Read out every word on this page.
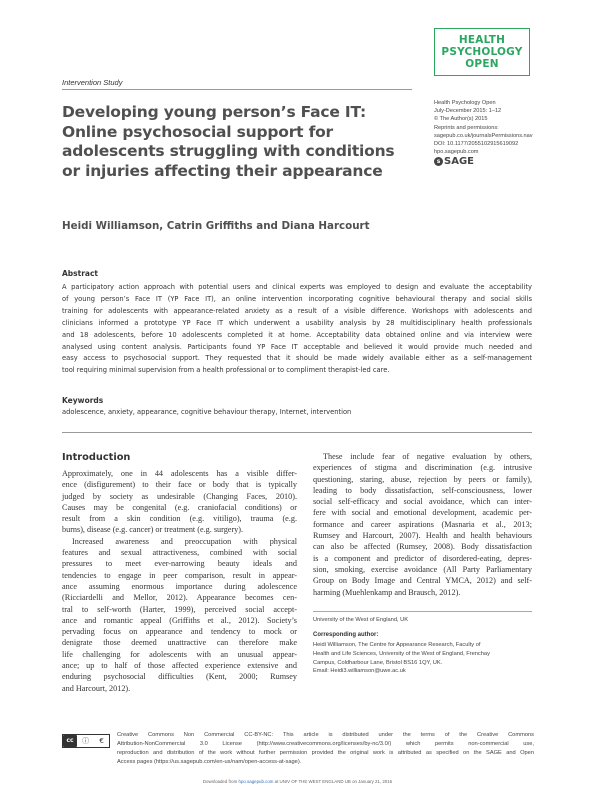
HEALTH
PSYCHOLOGY
OPEN
Intervention Study
Developing young person’s Face IT:
Online psychosocial support for
adolescents struggling with conditions
or injuries affecting their appearance
Health Psychology Open
July-December 2015: 1–12
© The Author(s) 2015
Reprints and permissions:
sagepub.co.uk/journalsPermissions.nav
DOI: 10.1177/2055102915619092
hpo.sagepub.com
s SAGE
Heidi Williamson, Catrin Griffiths and Diana Harcourt
Abstract
A participatory action approach with potential users and clinical experts was employed to design and evaluate the acceptability
of young person’s Face IT (YP Face IT), an online intervention incorporating cognitive behavioural therapy and social skills
training for adolescents with appearance-related anxiety as a result of a visible difference. Workshops with adolescents and
clinicians informed a prototype YP Face IT which underwent a usability analysis by 28 multidisciplinary health professionals
and 18 adolescents, before 10 adolescents completed it at home. Acceptability data obtained online and via interview were
analysed using content analysis. Participants found YP Face IT acceptable and believed it would provide much needed and
easy access to psychosocial support. They requested that it should be made widely available either as a self-management
tool requiring minimal supervision from a health professional or to compliment therapist-led care.
Keywords
adolescence, anxiety, appearance, cognitive behaviour therapy, Internet, intervention
Introduction
Approximately, one in 44 adolescents has a visible differ-
ence (disfigurement) to their face or body that is typically
judged by society as undesirable (Changing Faces, 2010).
Causes may be congenital (e.g. craniofacial conditions) or
result from a skin condition (e.g. vitiligo), trauma (e.g.
burns), disease (e.g. cancer) or treatment (e.g. surgery).
Increased awareness and preoccupation with physical
features and sexual attractiveness, combined with social
pressures to meet ever-narrowing beauty ideals and
tendencies to engage in peer comparison, result in appear-
ance assuming enormous importance during adolescence
(Ricciardelli and Mellor, 2012). Appearance becomes cen-
tral to self-worth (Harter, 1999), perceived social accept-
ance and romantic appeal (Griffiths et al., 2012). Society’s
pervading focus on appearance and tendency to mock or
denigrate those deemed unattractive can therefore make
life challenging for adolescents with an unusual appear-
ance; up to half of those affected experience extensive and
enduring psychosocial difficulties (Kent, 2000; Rumsey
and Harcourt, 2012).
These include fear of negative evaluation by others,
experiences of stigma and discrimination (e.g. intrusive
questioning, staring, abuse, rejection by peers or family),
leading to body dissatisfaction, self-consciousness, lower
social self-efficacy and social avoidance, which can inter-
fere with social and emotional development, academic per-
formance and career aspirations (Masnaria et al., 2013;
Rumsey and Harcourt, 2007). Health and health behaviours
can also be affected (Rumsey, 2008). Body dissatisfaction
is a component and predictor of disordered-eating, depres-
sion, smoking, exercise avoidance (All Party Parliamentary
Group on Body Image and Central YMCA, 2012) and self-
harming (Muehlenkamp and Brausch, 2012).
University of the West of England, UK
Corresponding author:
Heidi Williamson, The Centre for Appearance Research, Faculty of
Health and Life Sciences, University of the West of England, Frenchay
Campus, Coldharbour Lane, Bristol BS16 1QY, UK.
Email: Heidi3.williamson@uwe.ac.uk
cc	ⓘ €
Creative Commons Non Commercial CC-BY-NC: This article is distributed under the terms of the Creative Commons
Attribution-NonCommercial 3.0 License (http://www.creativecommons.org/licenses/by-nc/3.0/) which permits non-commercial use,
reproduction and distribution of the work without further permission provided the original work is attributed as specified on the SAGE and Open
Access pages (https://us.sagepub.com/en-us/nam/open-access-at-sage).
Downloaded from hpo.sagepub.com at UNIV OF THE WEST ENGLAND UB on January 21, 2016
